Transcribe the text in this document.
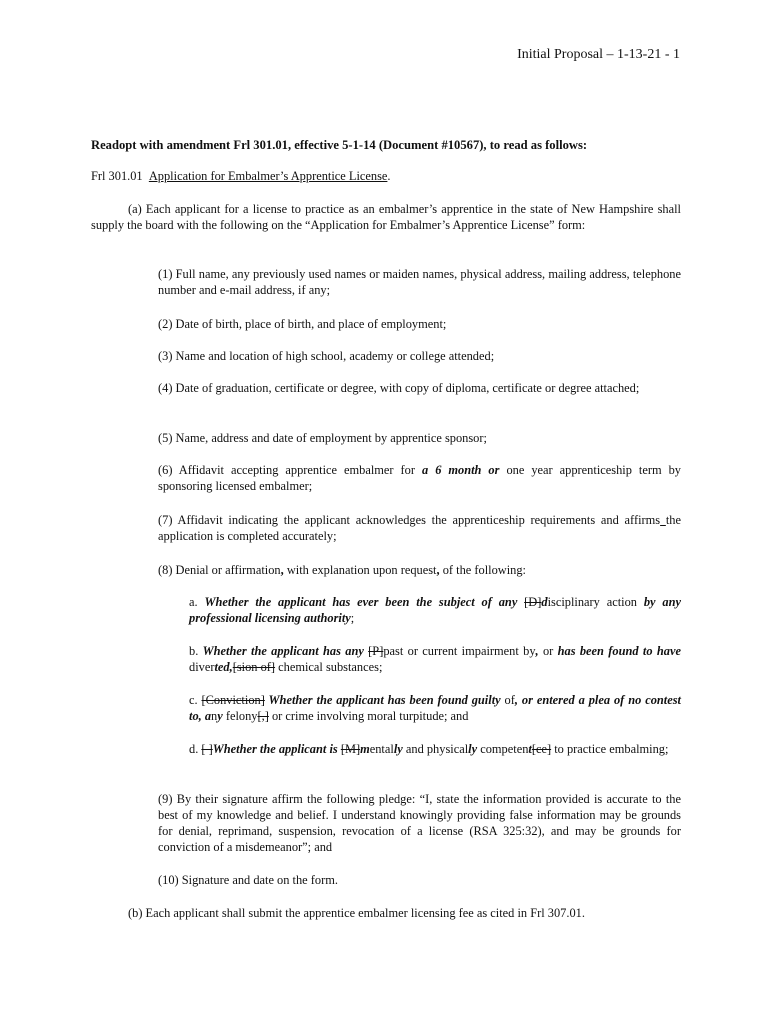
Initial Proposal – 1-13-21 - 1
Readopt with amendment Frl 301.01, effective 5-1-14 (Document #10567), to read as follows:
Frl 301.01 Application for Embalmer’s Apprentice License.
(a) Each applicant for a license to practice as an embalmer’s apprentice in the state of New Hampshire shall supply the board with the following on the “Application for Embalmer’s Apprentice License” form:
(1) Full name, any previously used names or maiden names, physical address, mailing address, telephone number and e-mail address, if any;
(2) Date of birth, place of birth, and place of employment;
(3) Name and location of high school, academy or college attended;
(4) Date of graduation, certificate or degree, with copy of diploma, certificate or degree attached;
(5) Name, address and date of employment by apprentice sponsor;
(6) Affidavit accepting apprentice embalmer for a 6 month or one year apprenticeship term by sponsoring licensed embalmer;
(7) Affidavit indicating the applicant acknowledges the apprenticeship requirements and affirms the application is completed accurately;
(8) Denial or affirmation, with explanation upon request, of the following:
a. Whether the applicant has ever been the subject of any [D]disciplinary action by any professional licensing authority;
b. Whether the applicant has any [P]past or current impairment by, or has been found to have diverted,[sion of] chemical substances;
c. [Conviction] Whether the applicant has been found guilty of, or entered a plea of no contest to, any felony[,] or crime involving moral turpitude; and
d. [ ]Whether the applicant is [M]mentally and physically competent[ce] to practice embalming;
(9) By their signature affirm the following pledge: “I, state the information provided is accurate to the best of my knowledge and belief. I understand knowingly providing false information may be grounds for denial, reprimand, suspension, revocation of a license (RSA 325:32), and may be grounds for conviction of a misdemeanor”; and
(10) Signature and date on the form.
(b) Each applicant shall submit the apprentice embalmer licensing fee as cited in Frl 307.01.
